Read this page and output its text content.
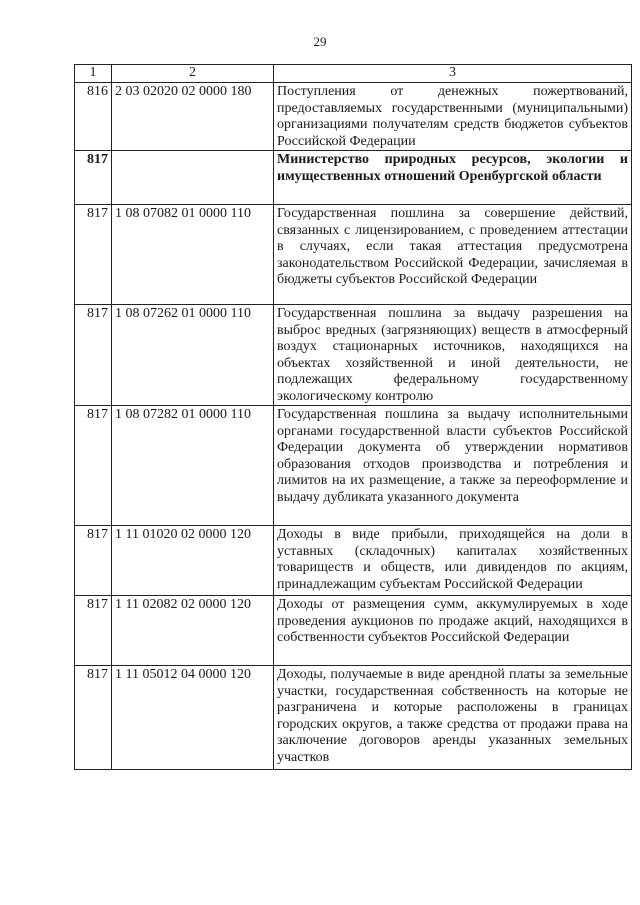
29
1	2	3
816	2 03 02020 02 0000 180	Поступления от денежных пожертвований, предоставляемых государственными (муниципальными) организациями получателям средств бюджетов субъектов Российской Федерации
817		Министерство природных ресурсов, экологии и имущественных отношений Оренбургской области
817	1 08 07082 01 0000 110	Государственная пошлина за совершение действий, связанных с лицензированием, с проведением аттестации в случаях, если такая аттестация предусмотрена законодательством Российской Федерации, зачисляемая в бюджеты субъектов Российской Федерации
817	1 08 07262 01 0000 110	Государственная пошлина за выдачу разрешения на выброс вредных (загрязняющих) веществ в атмосферный воздух стационарных источников, находящихся на объектах хозяйственной и иной деятельности, не подлежащих федеральному государственному экологическому контролю
817	1 08 07282 01 0000 110	Государственная пошлина за выдачу исполнительными органами государственной власти субъектов Российской Федерации документа об утверждении нормативов образования отходов производства и потребления и лимитов на их размещение, а также за переоформление и выдачу дубликата указанного документа
817	1 11 01020 02 0000 120	Доходы в виде прибыли, приходящейся на доли в уставных (складочных) капиталах хозяйственных товариществ и обществ, или дивидендов по акциям, принадлежащим субъектам Российской Федерации
817	1 11 02082 02 0000 120	Доходы от размещения сумм, аккумулируемых в ходе проведения аукционов по продаже акций, находящихся в собственности субъектов Российской Федерации
817	1 11 05012 04 0000 120	Доходы, получаемые в виде арендной платы за земельные участки, государственная собственность на которые не разграничена и которые расположены в границах городских округов, а также средства от продажи права на заключение договоров аренды указанных земельных участков
